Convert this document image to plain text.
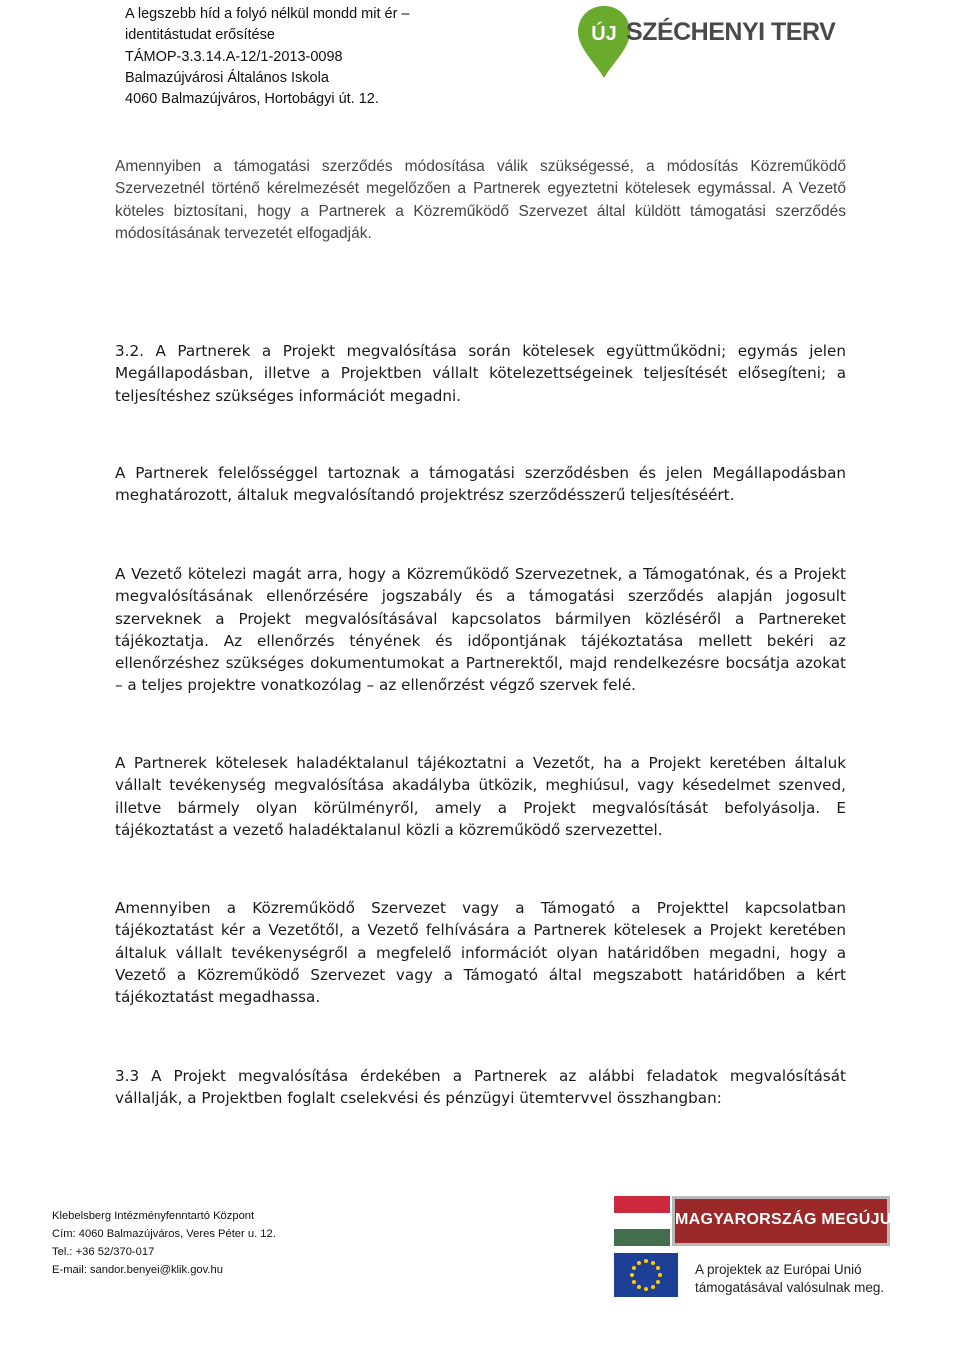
A legszebb híd a folyó nélkül mondd mit ér –
identitástudat erősítése
TÁMOP-3.3.14.A-12/1-2013-0098
Balmazújvárosi Általános Iskola
4060 Balmazújváros, Hortobágyi út. 12.
ÚJ SZÉCHENYI TERV

Amennyiben a támogatási szerződés módosítása válik szükségessé, a módosítás Közreműködő Szervezetnél történő kérelmezését megelőzően a Partnerek egyeztetni kötelesek egymással. A Vezető köteles biztosítani, hogy a Partnerek a Közreműködő Szervezet által küldött támogatási szerződés módosításának tervezetét elfogadják.

3.2. A Partnerek a Projekt megvalósítása során kötelesek együttműködni; egymás jelen Megállapodásban, illetve a Projektben vállalt kötelezettségeinek teljesítését elősegíteni; a teljesítéshez szükséges információt megadni.

A Partnerek felelősséggel tartoznak a támogatási szerződésben és jelen Megállapodásban meghatározott, általuk megvalósítandó projektrész szerződésszerű teljesítéséért.

A Vezető kötelezi magát arra, hogy a Közreműködő Szervezetnek, a Támogatónak, és a Projekt megvalósításának ellenőrzésére jogszabály és a támogatási szerződés alapján jogosult szerveknek a Projekt megvalósításával kapcsolatos bármilyen közléséről a Partnereket tájékoztatja. Az ellenőrzés tényének és időpontjának tájékoztatása mellett bekéri az ellenőrzéshez szükséges dokumentumokat a Partnerektől, majd rendelkezésre bocsátja azokat – a teljes projektre vonatkozólag – az ellenőrzést végző szervek felé.

A Partnerek kötelesek haladéktalanul tájékoztatni a Vezetőt, ha a Projekt keretében általuk vállalt tevékenység megvalósítása akadályba ütközik, meghiúsul, vagy késedelmet szenved, illetve bármely olyan körülményről, amely a Projekt megvalósítását befolyásolja. E tájékoztatást a vezető haladéktalanul közli a közreműködő szervezettel.

Amennyiben a Közreműködő Szervezet vagy a Támogató a Projekttel kapcsolatban tájékoztatást kér a Vezetőtől, a Vezető felhívására a Partnerek kötelesek a Projekt keretében általuk vállalt tevékenységről a megfelelő információt olyan határidőben megadni, hogy a Vezető a Közreműködő Szervezet vagy a Támogató által megszabott határidőben a kért tájékoztatást megadhassa.

3.3 A Projekt megvalósítása érdekében a Partnerek az alábbi feladatok megvalósítását vállalják, a Projektben foglalt cselekvési és pénzügyi ütemtervvel összhangban:

Klebelsberg Intézményfenntartó Központ
Cím: 4060 Balmazújváros, Veres Péter u. 12.
Tel.: +36 52/370-017
E-mail: sandor.benyei@klik.gov.hu
MAGYARORSZÁG MEGÚJUL
A projektek az Európai Unió
támogatásával valósulnak meg.
